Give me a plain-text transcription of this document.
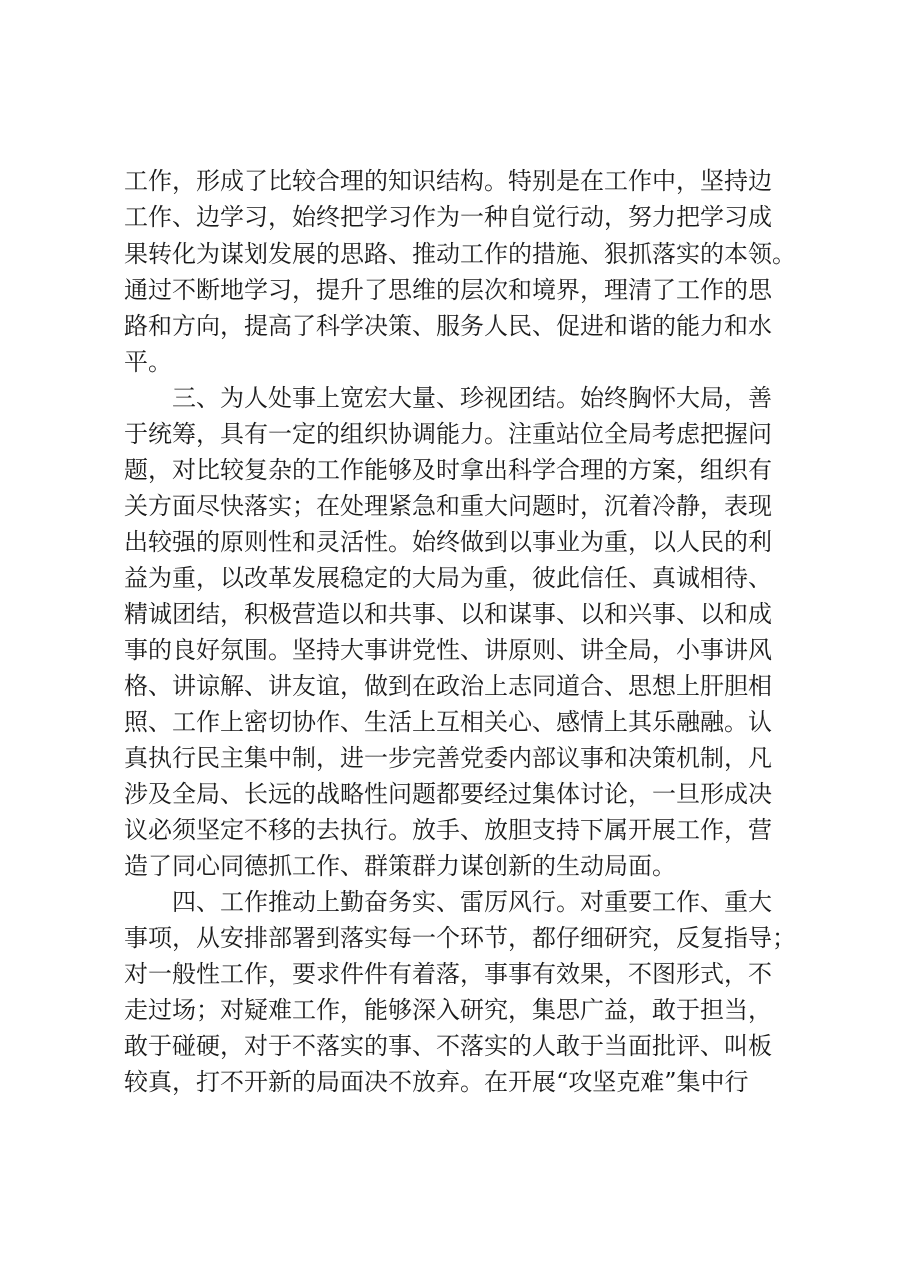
工作，形成了比较合理的知识结构。特别是在工作中，坚持边
工作、边学习，始终把学习作为一种自觉行动，努力把学习成
果转化为谋划发展的思路、推动工作的措施、狠抓落实的本领。
通过不断地学习，提升了思维的层次和境界，理清了工作的思
路和方向，提高了科学决策、服务人民、促进和谐的能力和水
平。
三、为人处事上宽宏大量、珍视团结。始终胸怀大局，善
于统筹，具有一定的组织协调能力。注重站位全局考虑把握问
题，对比较复杂的工作能够及时拿出科学合理的方案，组织有
关方面尽快落实；在处理紧急和重大问题时，沉着冷静，表现
出较强的原则性和灵活性。始终做到以事业为重，以人民的利
益为重，以改革发展稳定的大局为重，彼此信任、真诚相待、
精诚团结，积极营造以和共事、以和谋事、以和兴事、以和成
事的良好氛围。坚持大事讲党性、讲原则、讲全局，小事讲风
格、讲谅解、讲友谊，做到在政治上志同道合、思想上肝胆相
照、工作上密切协作、生活上互相关心、感情上其乐融融。认
真执行民主集中制，进一步完善党委内部议事和决策机制，凡
涉及全局、长远的战略性问题都要经过集体讨论，一旦形成决
议必须坚定不移的去执行。放手、放胆支持下属开展工作，营
造了同心同德抓工作、群策群力谋创新的生动局面。
四、工作推动上勤奋务实、雷厉风行。对重要工作、重大
事项，从安排部署到落实每一个环节，都仔细研究，反复指导；
对一般性工作，要求件件有着落，事事有效果，不图形式，不
走过场；对疑难工作，能够深入研究，集思广益，敢于担当，
敢于碰硬，对于不落实的事、不落实的人敢于当面批评、叫板
较真，打不开新的局面决不放弃。在开展“攻坚克难”集中行
